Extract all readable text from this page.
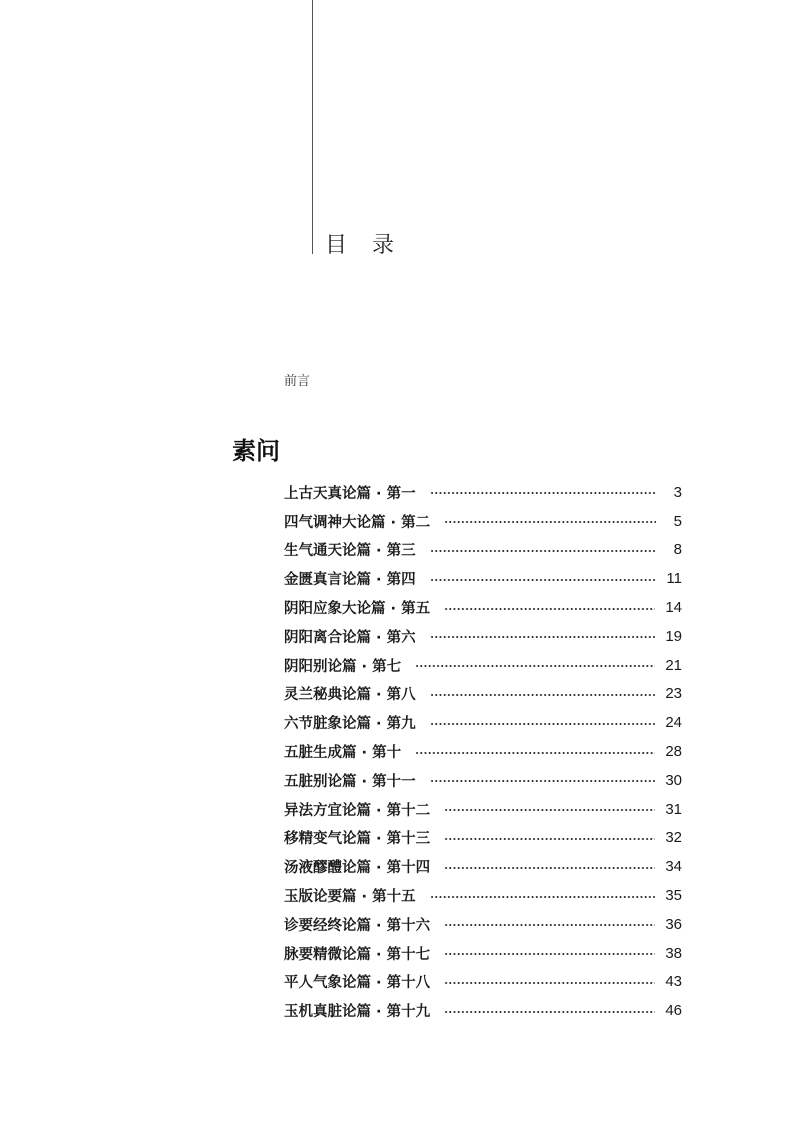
目 录
前言
素问
上古天真论篇 · 第一	3
四气调神大论篇 · 第二	5
生气通天论篇 · 第三	8
金匮真言论篇 · 第四	11
阴阳应象大论篇 · 第五	14
阴阳离合论篇 · 第六	19
阴阳别论篇 · 第七	21
灵兰秘典论篇 · 第八	23
六节脏象论篇 · 第九	24
五脏生成篇 · 第十	28
五脏别论篇 · 第十一	30
异法方宜论篇 · 第十二	31
移精变气论篇 · 第十三	32
汤液醪醴论篇 · 第十四	34
玉版论要篇 · 第十五	35
诊要经终论篇 · 第十六	36
脉要精微论篇 · 第十七	38
平人气象论篇 · 第十八	43
玉机真脏论篇 · 第十九	46
